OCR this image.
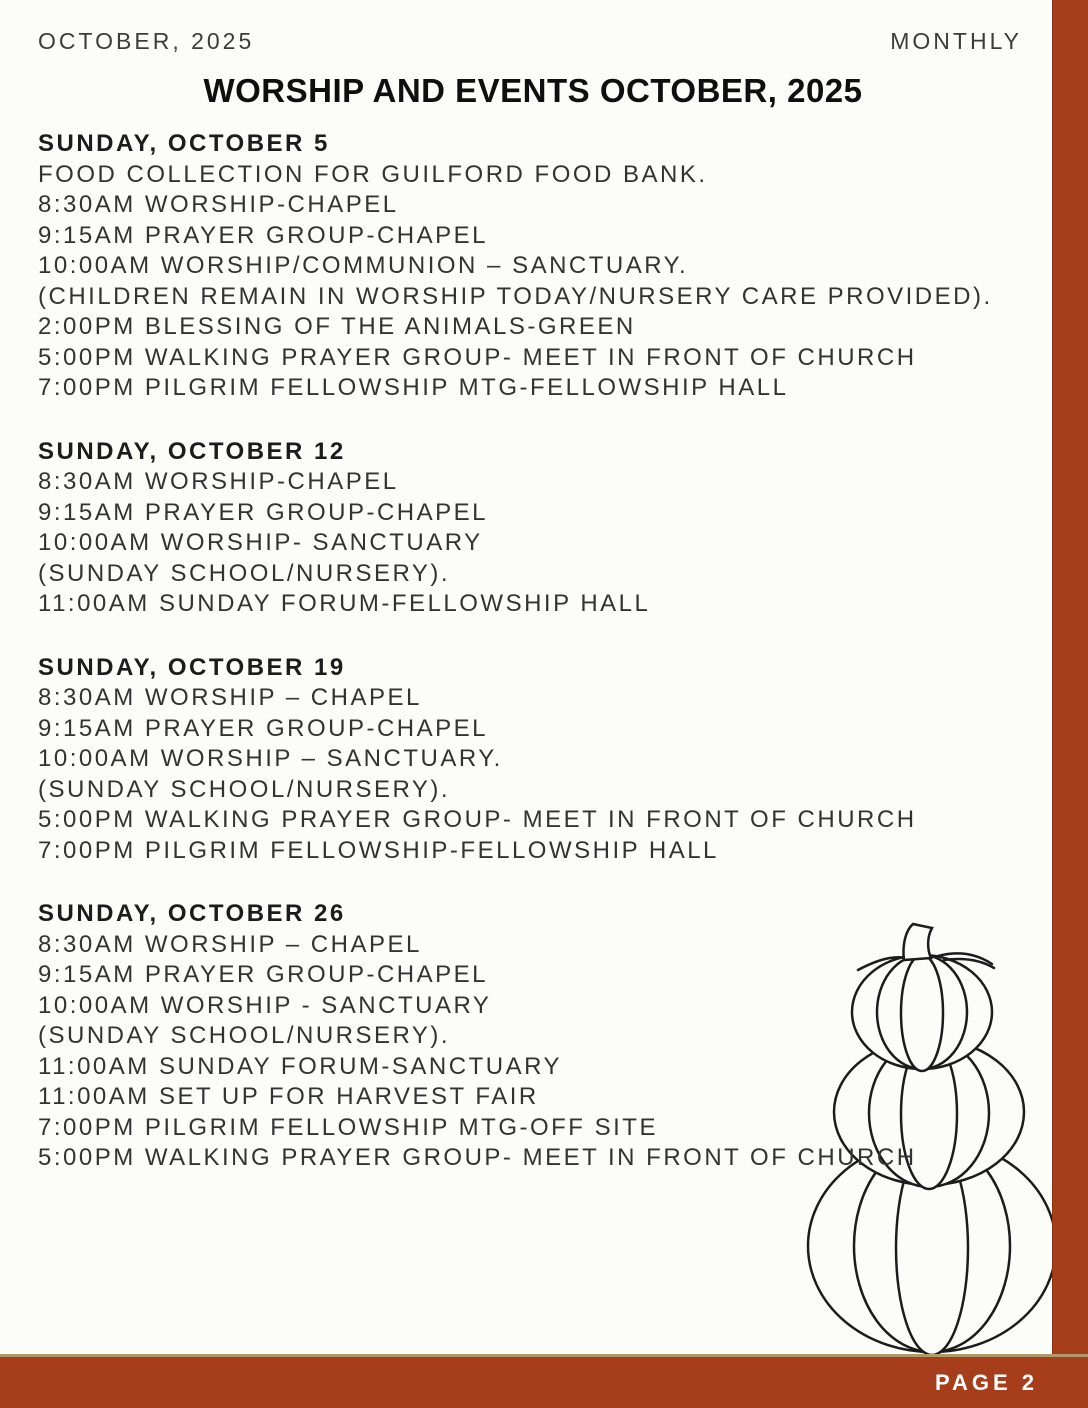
OCTOBER, 2025	MONTHLY
WORSHIP AND EVENTS OCTOBER, 2025
SUNDAY, OCTOBER 5

FOOD COLLECTION FOR GUILFORD FOOD BANK.

8:30AM WORSHIP-CHAPEL

9:15AM PRAYER GROUP-CHAPEL

10:00AM WORSHIP/COMMUNION – SANCTUARY.

(CHILDREN REMAIN IN WORSHIP TODAY/NURSERY CARE PROVIDED).

2:00PM BLESSING OF THE ANIMALS-GREEN

5:00PM WALKING PRAYER GROUP- MEET IN FRONT OF CHURCH

7:00PM PILGRIM FELLOWSHIP MTG-FELLOWSHIP HALL

SUNDAY, OCTOBER 12

8:30AM WORSHIP-CHAPEL

9:15AM PRAYER GROUP-CHAPEL

10:00AM WORSHIP- SANCTUARY

(SUNDAY SCHOOL/NURSERY).

11:00AM SUNDAY FORUM-FELLOWSHIP HALL

SUNDAY, OCTOBER 19

8:30AM WORSHIP – CHAPEL

9:15AM PRAYER GROUP-CHAPEL

10:00AM WORSHIP – SANCTUARY.

(SUNDAY SCHOOL/NURSERY).

5:00PM WALKING PRAYER GROUP- MEET IN FRONT OF CHURCH

7:00PM PILGRIM FELLOWSHIP-FELLOWSHIP HALL

SUNDAY, OCTOBER 26

8:30AM WORSHIP – CHAPEL

9:15AM PRAYER GROUP-CHAPEL

10:00AM WORSHIP - SANCTUARY

(SUNDAY SCHOOL/NURSERY).

11:00AM SUNDAY FORUM-SANCTUARY

11:00AM SET UP FOR HARVEST FAIR

7:00PM PILGRIM FELLOWSHIP MTG-OFF SITE

5:00PM WALKING PRAYER GROUP- MEET IN FRONT OF CHURCH

PAGE 2
